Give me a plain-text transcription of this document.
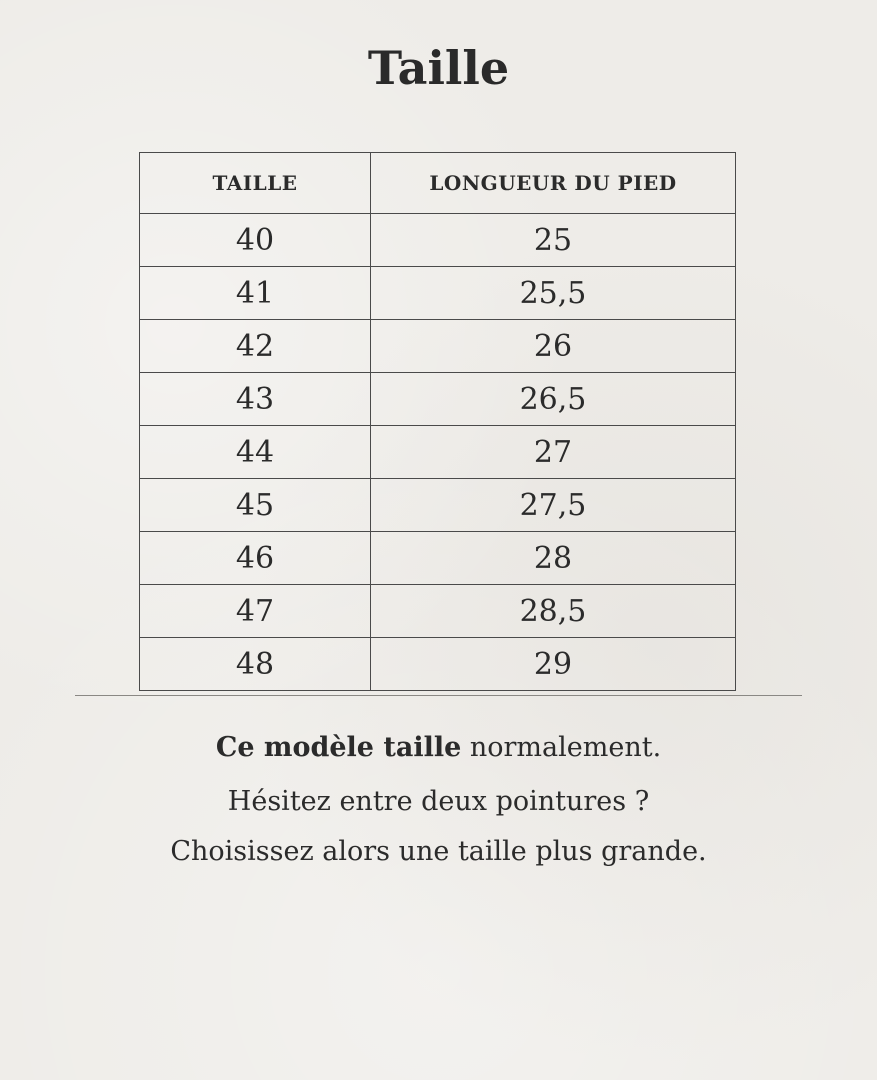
Taille
TAILLE	LONGUEUR DU PIED
40	25
41	25,5
42	26
43	26,5
44	27
45	27,5
46	28
47	28,5
48	29
Ce modèle taille normalement.
Hésitez entre deux pointures ?
Choisissez alors une taille plus grande.
